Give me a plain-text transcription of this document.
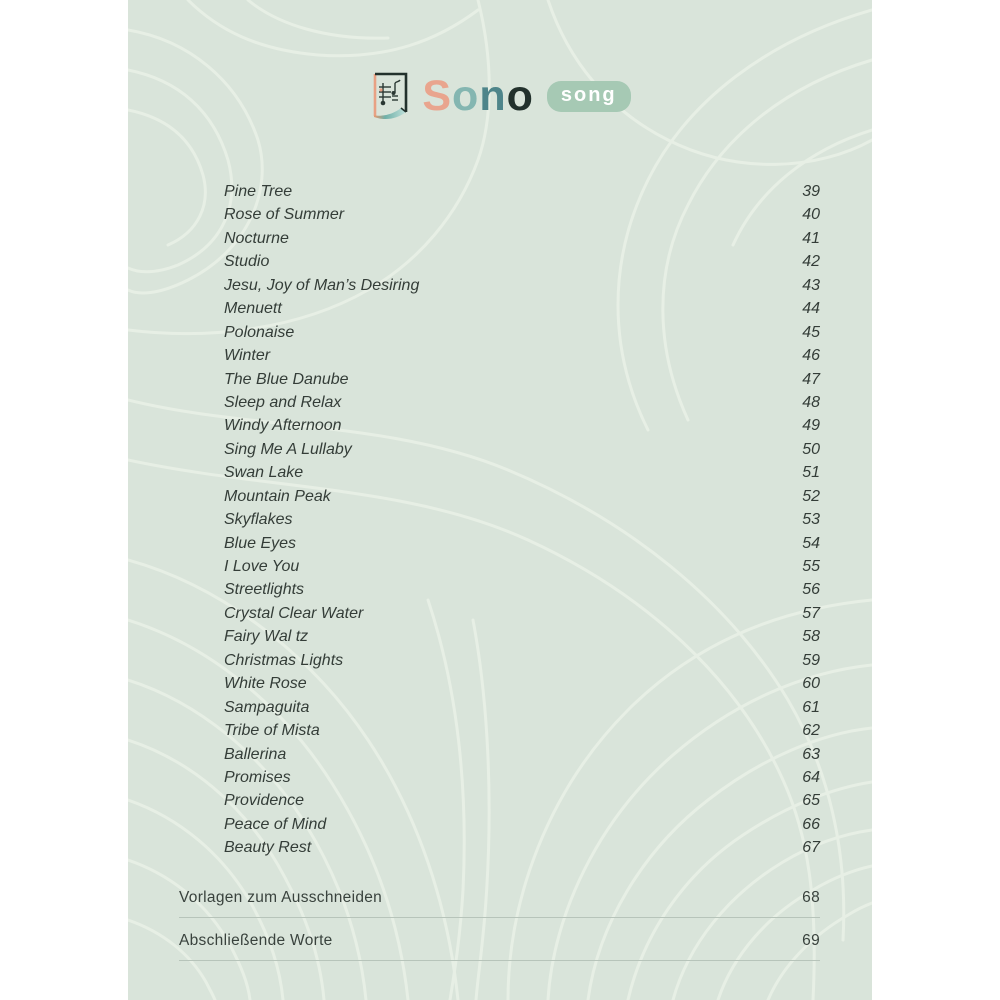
Sono	song
Pine Tree	39
Rose of Summer	40
Nocturne	41
Studio	42
Jesu, Joy of Man’s Desiring	43
Menuett	44
Polonaise	45
Winter	46
The Blue Danube	47
Sleep and Relax	48
Windy Afternoon	49
Sing Me A Lullaby	50
Swan Lake	51
Mountain Peak	52
Skyflakes	53
Blue Eyes	54
I Love You	55
Streetlights	56
Crystal Clear Water	57
Fairy Wal tz	58
Christmas Lights	59
White Rose	60
Sampaguita	61
Tribe of Mista	62
Ballerina	63
Promises	64
Providence	65
Peace of Mind	66
Beauty Rest	67
Vorlagen zum Ausschneiden	68
Abschließende Worte	69
